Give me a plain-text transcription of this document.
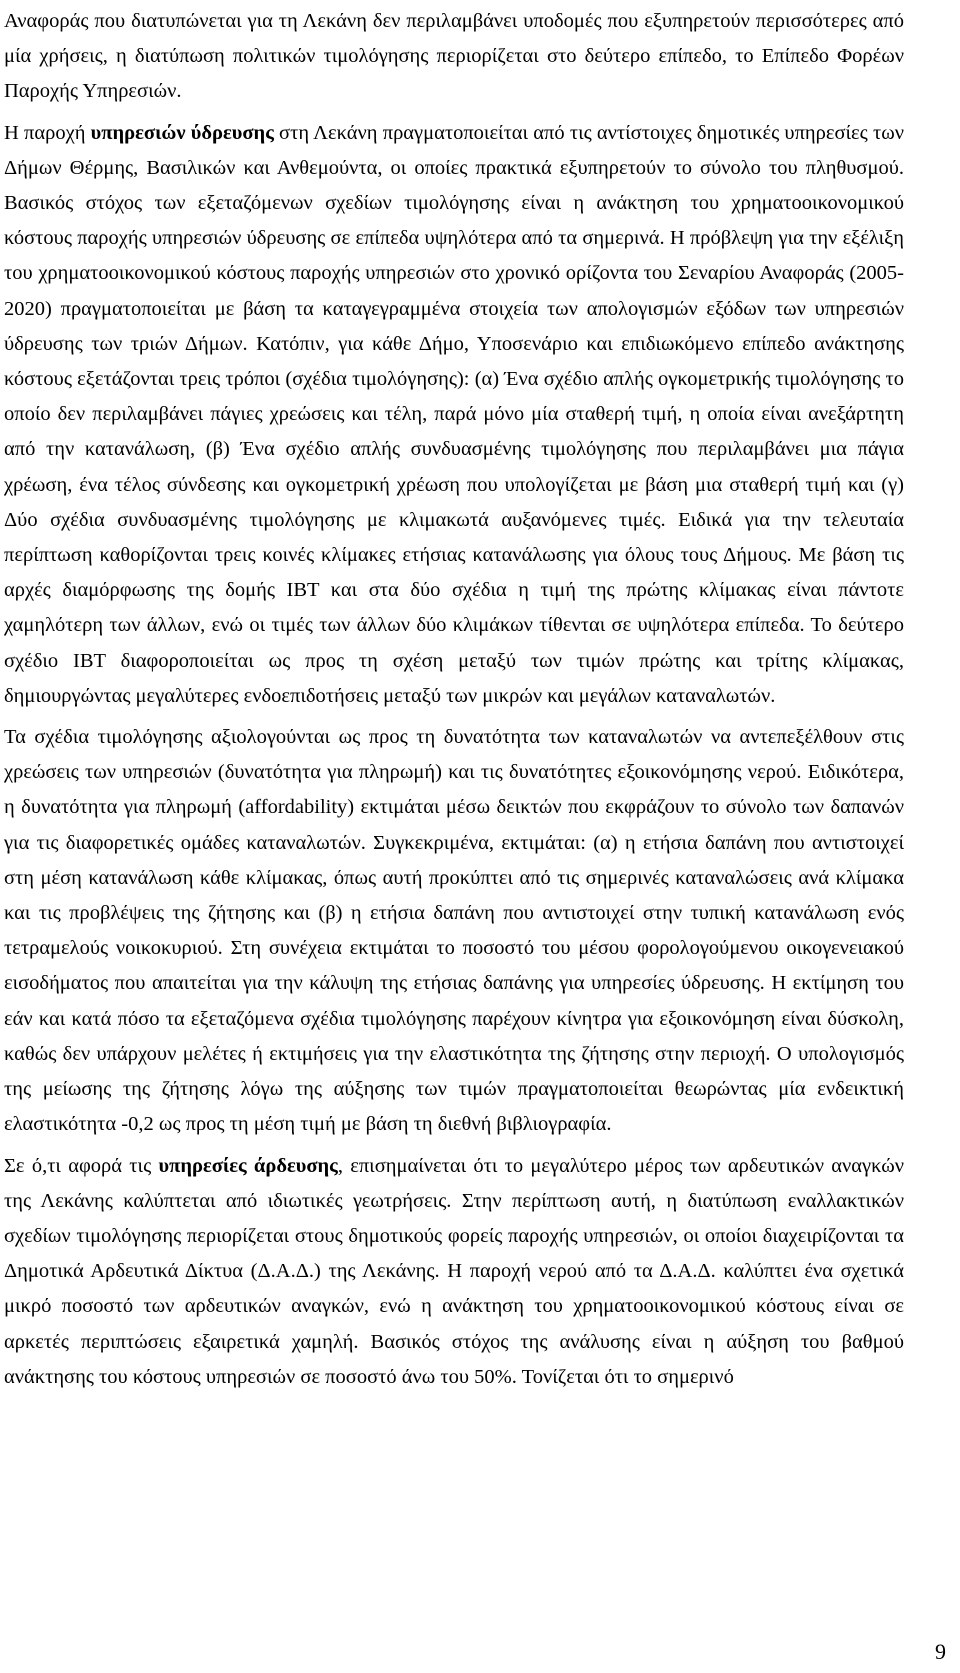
Αναφοράς που διατυπώνεται για τη Λεκάνη δεν περιλαμβάνει υποδομές που εξυπηρετούν περισσότερες από μία χρήσεις, η διατύπωση πολιτικών τιμολόγησης περιορίζεται στο δεύτερο επίπεδο, το Επίπεδο Φορέων Παροχής Υπηρεσιών.

Η παροχή υπηρεσιών ύδρευσης στη Λεκάνη πραγματοποιείται από τις αντίστοιχες δημοτικές υπηρεσίες των Δήμων Θέρμης, Βασιλικών και Ανθεμούντα, οι οποίες πρακτικά εξυπηρετούν το σύνολο του πληθυσμού. Βασικός στόχος των εξεταζόμενων σχεδίων τιμολόγησης είναι η ανάκτηση του χρηματοοικονομικού κόστους παροχής υπηρεσιών ύδρευσης σε επίπεδα υψηλότερα από τα σημερινά. Η πρόβλεψη για την εξέλιξη του χρηματοοικονομικού κόστους παροχής υπηρεσιών στο χρονικό ορίζοντα του Σεναρίου Αναφοράς (2005-2020) πραγματοποιείται με βάση τα καταγεγραμμένα στοιχεία των απολογισμών εξόδων των υπηρεσιών ύδρευσης των τριών Δήμων. Κατόπιν, για κάθε Δήμο, Υποσενάριο και επιδιωκόμενο επίπεδο ανάκτησης κόστους εξετάζονται τρεις τρόποι (σχέδια τιμολόγησης): (α) Ένα σχέδιο απλής ογκομετρικής τιμολόγησης το οποίο δεν περιλαμβάνει πάγιες χρεώσεις και τέλη, παρά μόνο μία σταθερή τιμή, η οποία είναι ανεξάρτητη από την κατανάλωση, (β) Ένα σχέδιο απλής συνδυασμένης τιμολόγησης που περιλαμβάνει μια πάγια χρέωση, ένα τέλος σύνδεσης και ογκομετρική χρέωση που υπολογίζεται με βάση μια σταθερή τιμή και (γ) Δύο σχέδια συνδυασμένης τιμολόγησης με κλιμακωτά αυξανόμενες τιμές. Ειδικά για την τελευταία περίπτωση καθορίζονται τρεις κοινές κλίμακες ετήσιας κατανάλωσης για όλους τους Δήμους. Με βάση τις αρχές διαμόρφωσης της δομής IBT και στα δύο σχέδια η τιμή της πρώτης κλίμακας είναι πάντοτε χαμηλότερη των άλλων, ενώ οι τιμές των άλλων δύο κλιμάκων τίθενται σε υψηλότερα επίπεδα. Το δεύτερο σχέδιο IBT διαφοροποιείται ως προς τη σχέση μεταξύ των τιμών πρώτης και τρίτης κλίμακας, δημιουργώντας μεγαλύτερες ενδοεπιδοτήσεις μεταξύ των μικρών και μεγάλων καταναλωτών.

Τα σχέδια τιμολόγησης αξιολογούνται ως προς τη δυνατότητα των καταναλωτών να αντεπεξέλθουν στις χρεώσεις των υπηρεσιών (δυνατότητα για πληρωμή) και τις δυνατότητες εξοικονόμησης νερού. Ειδικότερα, η δυνατότητα για πληρωμή (affordability) εκτιμάται μέσω δεικτών που εκφράζουν το σύνολο των δαπανών για τις διαφορετικές ομάδες καταναλωτών. Συγκεκριμένα, εκτιμάται: (α) η ετήσια δαπάνη που αντιστοιχεί στη μέση κατανάλωση κάθε κλίμακας, όπως αυτή προκύπτει από τις σημερινές καταναλώσεις ανά κλίμακα και τις προβλέψεις της ζήτησης και (β) η ετήσια δαπάνη που αντιστοιχεί στην τυπική κατανάλωση ενός τετραμελούς νοικοκυριού. Στη συνέχεια εκτιμάται το ποσοστό του μέσου φορολογούμενου οικογενειακού εισοδήματος που απαιτείται για την κάλυψη της ετήσιας δαπάνης για υπηρεσίες ύδρευσης. Η εκτίμηση του εάν και κατά πόσο τα εξεταζόμενα σχέδια τιμολόγησης παρέχουν κίνητρα για εξοικονόμηση είναι δύσκολη, καθώς δεν υπάρχουν μελέτες ή εκτιμήσεις για την ελαστικότητα της ζήτησης στην περιοχή. Ο υπολογισμός της μείωσης της ζήτησης λόγω της αύξησης των τιμών πραγματοποιείται θεωρώντας μία ενδεικτική ελαστικότητα -0,2 ως προς τη μέση τιμή με βάση τη διεθνή βιβλιογραφία.

Σε ό,τι αφορά τις υπηρεσίες άρδευσης, επισημαίνεται ότι το μεγαλύτερο μέρος των αρδευτικών αναγκών της Λεκάνης καλύπτεται από ιδιωτικές γεωτρήσεις. Στην περίπτωση αυτή, η διατύπωση εναλλακτικών σχεδίων τιμολόγησης περιορίζεται στους δημοτικούς φορείς παροχής υπηρεσιών, οι οποίοι διαχειρίζονται τα Δημοτικά Αρδευτικά Δίκτυα (Δ.Α.Δ.) της Λεκάνης. Η παροχή νερού από τα Δ.Α.Δ. καλύπτει ένα σχετικά μικρό ποσοστό των αρδευτικών αναγκών, ενώ η ανάκτηση του χρηματοοικονομικού κόστους είναι σε αρκετές περιπτώσεις εξαιρετικά χαμηλή. Βασικός στόχος της ανάλυσης είναι η αύξηση του βαθμού ανάκτησης του κόστους υπηρεσιών σε ποσοστό άνω του 50%. Τονίζεται ότι το σημερινό

9
